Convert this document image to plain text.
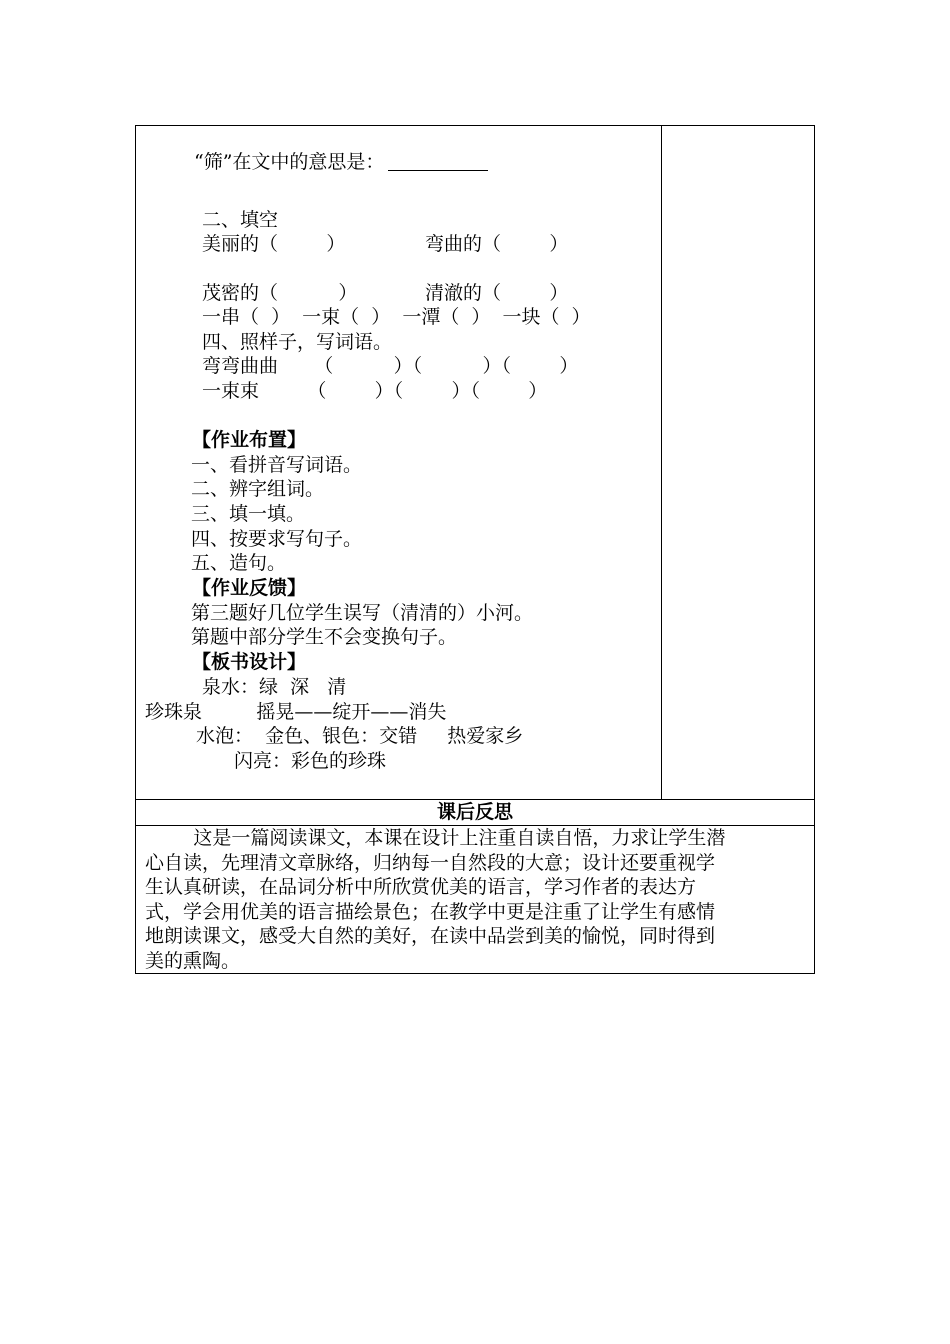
“筛”在文中的意思是：
二、填空
美丽的（        ）	弯曲的（        ）
茂密的（          ）	清澈的（        ）
一串（  ）  一束（  ）  一潭（  ）  一块（  ）
四、照样子，写词语。
弯弯曲曲      （          ）（          ）（        ）
一束束        （        ）（        ）（        ）
【作业布置】
一、看拼音写词语。
二、辨字组词。
三、填一填。
四、按要求写句子。
五、造句。
【作业反馈】
第三题好几位学生误写（清清的）小河。
第题中部分学生不会变换句子。
【板书设计】
泉水：绿  深   清
珍珠泉         摇晃——绽开——消失
水泡：  金色、银色：交错     热爱家乡
闪亮：彩色的珍珠
课后反思
这是一篇阅读课文，本课在设计上注重自读自悟，力求让学生潜
心自读，先理清文章脉络，归纳每一自然段的大意；设计还要重视学
生认真研读，在品词分析中所欣赏优美的语言，学习作者的表达方
式，学会用优美的语言描绘景色；在教学中更是注重了让学生有感情
地朗读课文，感受大自然的美好，在读中品尝到美的愉悦，同时得到
美的熏陶。
